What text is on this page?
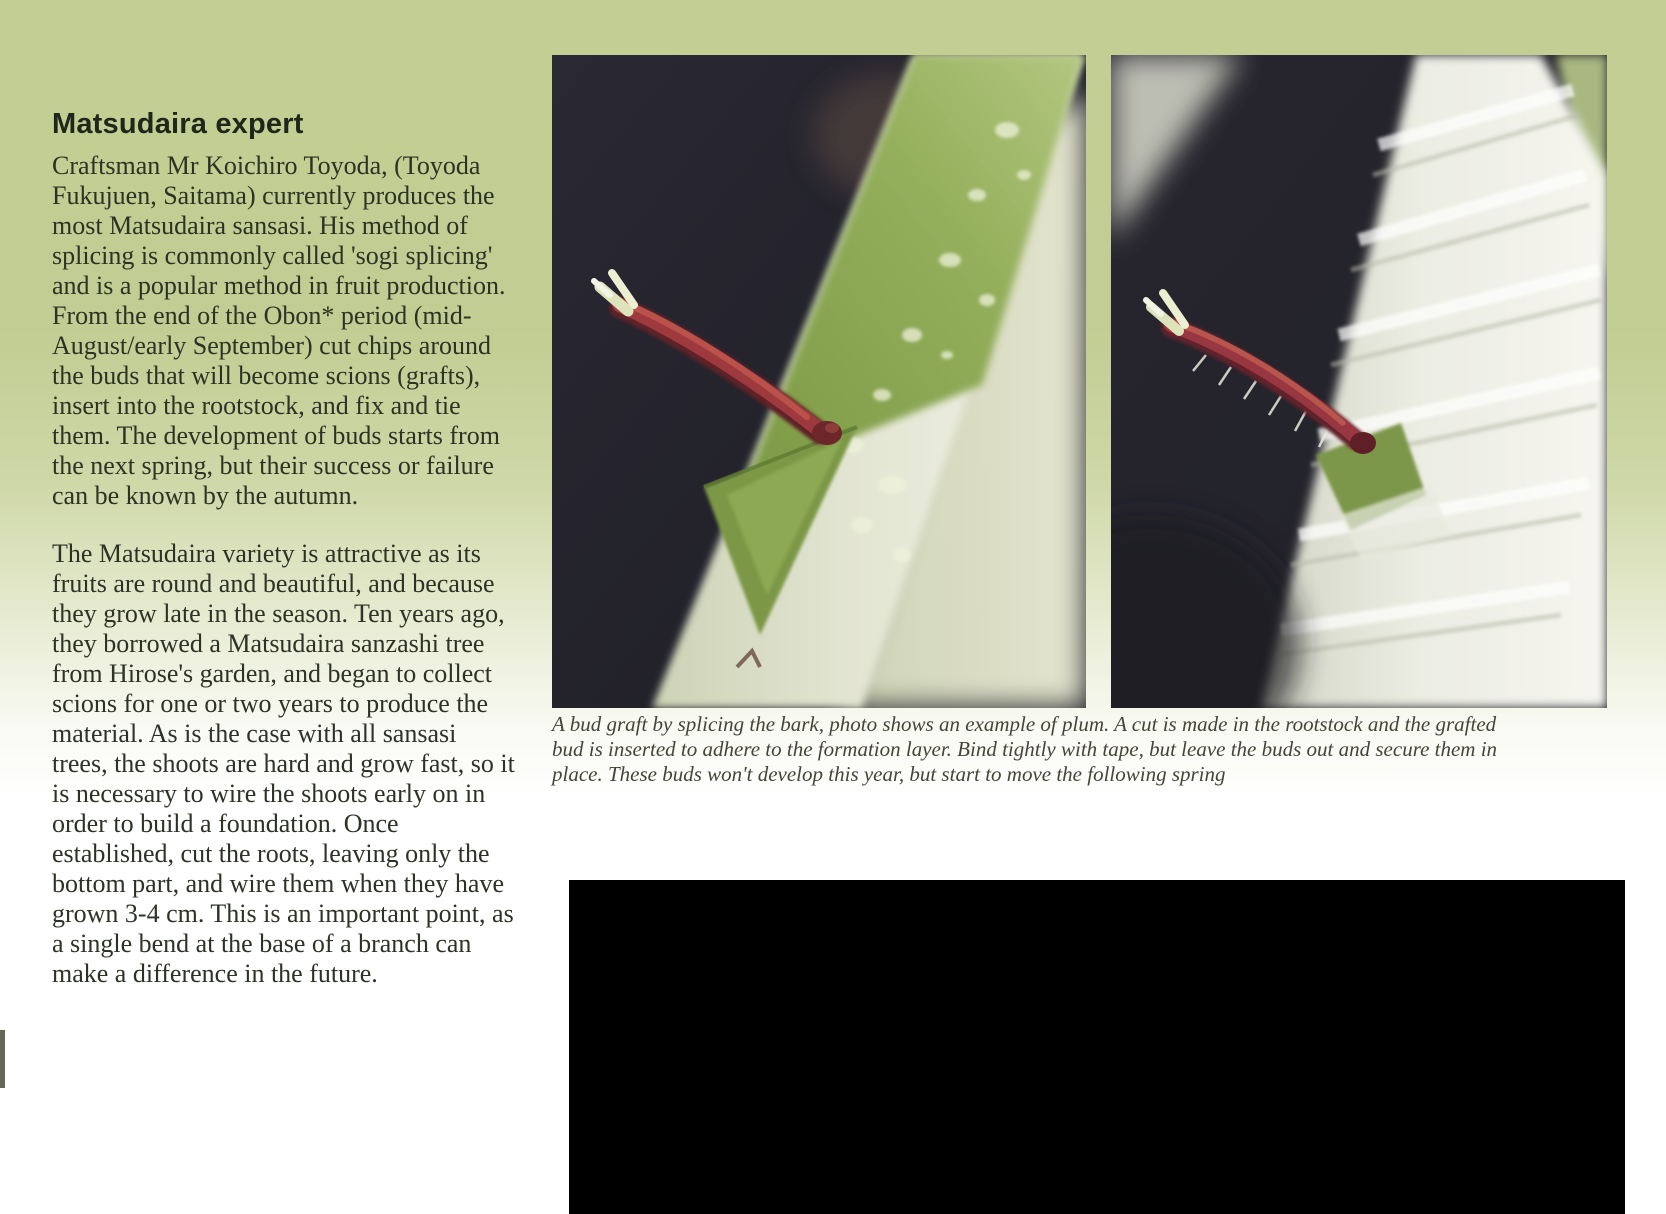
Matsudaira expert

Craftsman Mr Koichiro Toyoda, (Toyoda Fukujuen, Saitama) currently produces the most Matsudaira sansasi. His method of splicing is commonly called 'sogi splicing' and is a popular method in fruit production. From the end of the Obon* period (mid-August/early September) cut chips around the buds that will become scions (grafts), insert into the rootstock, and fix and tie them. The development of buds starts from the next spring, but their success or failure can be known by the autumn.

The Matsudaira variety is attractive as its fruits are round and beautiful, and because they grow late in the season. Ten years ago, they borrowed a Matsudaira sanzashi tree from Hirose's garden, and began to collect scions for one or two years to produce the material. As is the case with all sansasi trees, the shoots are hard and grow fast, so it is necessary to wire the shoots early on in order to build a foundation. Once established, cut the roots, leaving only the bottom part, and wire them when they have grown 3-4 cm. This is an important point, as a single bend at the base of a branch can make a difference in the future.

A bud graft by splicing the bark, photo shows an example of plum. A cut is made in the rootstock and the grafted bud is inserted to adhere to the formation layer. Bind tightly with tape, but leave the buds out and secure them in place. These buds won't develop this year, but start to move the following spring
